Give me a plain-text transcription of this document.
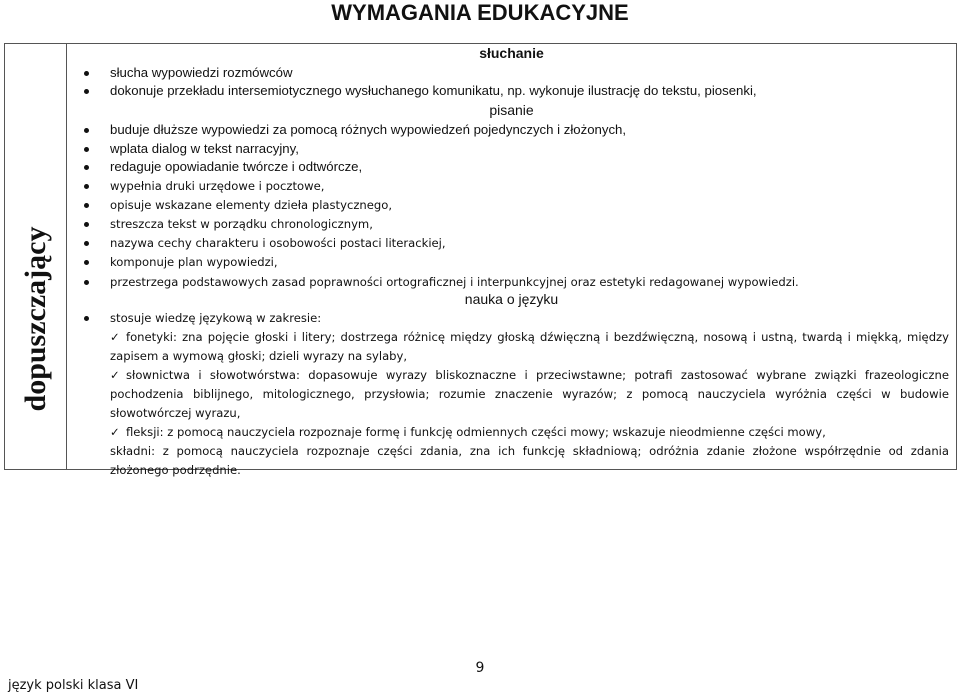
WYMAGANIA EDUKACYJNE
dopuszczający
słuchanie
słucha wypowiedzi rozmówców
dokonuje przekładu intersemiotycznego wysłuchanego komunikatu, np. wykonuje ilustrację do tekstu, piosenki,
pisanie
buduje dłuższe wypowiedzi za pomocą różnych wypowiedzeń pojedynczych i złożonych,
wplata dialog w tekst narracyjny,
redaguje opowiadanie twórcze i odtwórcze,
wypełnia druki urzędowe i pocztowe,
opisuje wskazane elementy dzieła plastycznego,
streszcza tekst w porządku chronologicznym,
nazywa cechy charakteru i osobowości postaci literackiej,
komponuje plan wypowiedzi,
przestrzega podstawowych zasad poprawności ortograficznej i interpunkcyjnej oraz estetyki redagowanej wypowiedzi.
nauka o języku
stosuje wiedzę językową w zakresie:
✓ fonetyki: zna pojęcie głoski i litery; dostrzega różnicę między głoską dźwięczną i bezdźwięczną, nosową i ustną, twardą i miękką, między
zapisem a wymową głoski; dzieli wyrazy na sylaby,
✓ słownictwa i słowotwórstwa: dopasowuje wyrazy bliskoznaczne i przeciwstawne; potrafi zastosować wybrane związki frazeologiczne
pochodzenia biblijnego, mitologicznego, przysłowia; rozumie znaczenie wyrazów; z pomocą nauczyciela wyróżnia części w budowie
słowotwórczej wyrazu,
✓ fleksji: z pomocą nauczyciela rozpoznaje formę i funkcję odmiennych części mowy; wskazuje nieodmienne części mowy,
składni: z pomocą nauczyciela rozpoznaje części zdania, zna ich funkcję składniową; odróżnia zdanie złożone współrzędnie od zdania
złożonego podrzędnie.
9
język polski klasa VI
